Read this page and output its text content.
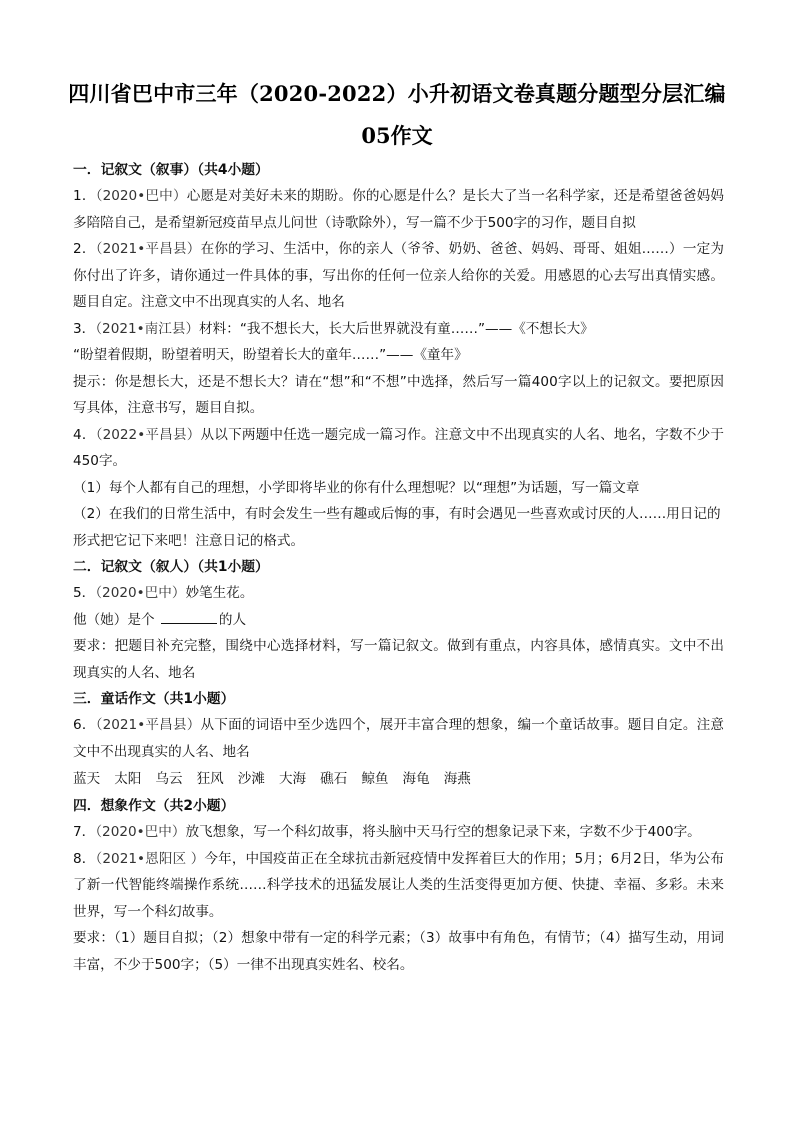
四川省巴中市三年（2020-2022）小升初语文卷真题分题型分层汇编
05作文

一．记叙文（叙事）（共4小题）

1．（2020•巴中）心愿是对美好未来的期盼。你的心愿是什么？是长大了当一名科学家，还是希望爸爸妈妈多陪陪自己，是希望新冠疫苗早点儿问世（诗歌除外），写一篇不少于500字的习作，题目自拟

2．（2021•平昌县）在你的学习、生活中，你的亲人（爷爷、奶奶、爸爸、妈妈、哥哥、姐姐……）一定为你付出了许多，请你通过一件具体的事，写出你的任何一位亲人给你的关爱。用感恩的心去写出真情实感。题目自定。注意文中不出现真实的人名、地名

3．（2021•南江县）材料：“我不想长大，长大后世界就没有童……”——《不想长大》

“盼望着假期，盼望着明天，盼望着长大的童年……”——《童年》

提示：你是想长大，还是不想长大？请在“想”和“不想”中选择，然后写一篇400字以上的记叙文。要把原因写具体，注意书写，题目自拟。

4．（2022•平昌县）从以下两题中任选一题完成一篇习作。注意文中不出现真实的人名、地名，字数不少于450字。

（1）每个人都有自己的理想，小学即将毕业的你有什么理想呢？以“理想”为话题，写一篇文章

（2）在我们的日常生活中，有时会发生一些有趣或后悔的事，有时会遇见一些喜欢或讨厌的人……用日记的形式把它记下来吧！注意日记的格式。

二．记叙文（叙人）（共1小题）

5．（2020•巴中）妙笔生花。

他（她）是个	的人

要求：把题目补充完整，围绕中心选择材料，写一篇记叙文。做到有重点，内容具体，感情真实。文中不出现真实的人名、地名

三．童话作文（共1小题）

6．（2021•平昌县）从下面的词语中至少选四个，展开丰富合理的想象，编一个童话故事。题目自定。注意文中不出现真实的人名、地名

蓝天 太阳 乌云 狂风 沙滩 大海 礁石 鲸鱼 海龟 海燕

四．想象作文（共2小题）

7．（2020•巴中）放飞想象，写一个科幻故事，将头脑中天马行空的想象记录下来，字数不少于400字。

8．（2021•恩阳区 ）今年，中国疫苗正在全球抗击新冠疫情中发挥着巨大的作用；5月；6月2日，华为公布了新一代智能终端操作系统……科学技术的迅猛发展让人类的生活变得更加方便、快捷、幸福、多彩。未来世界，写一个科幻故事。

要求：（1）题目自拟；（2）想象中带有一定的科学元素；（3）故事中有角色，有情节；（4）描写生动，用词丰富，不少于500字；（5）一律不出现真实姓名、校名。
